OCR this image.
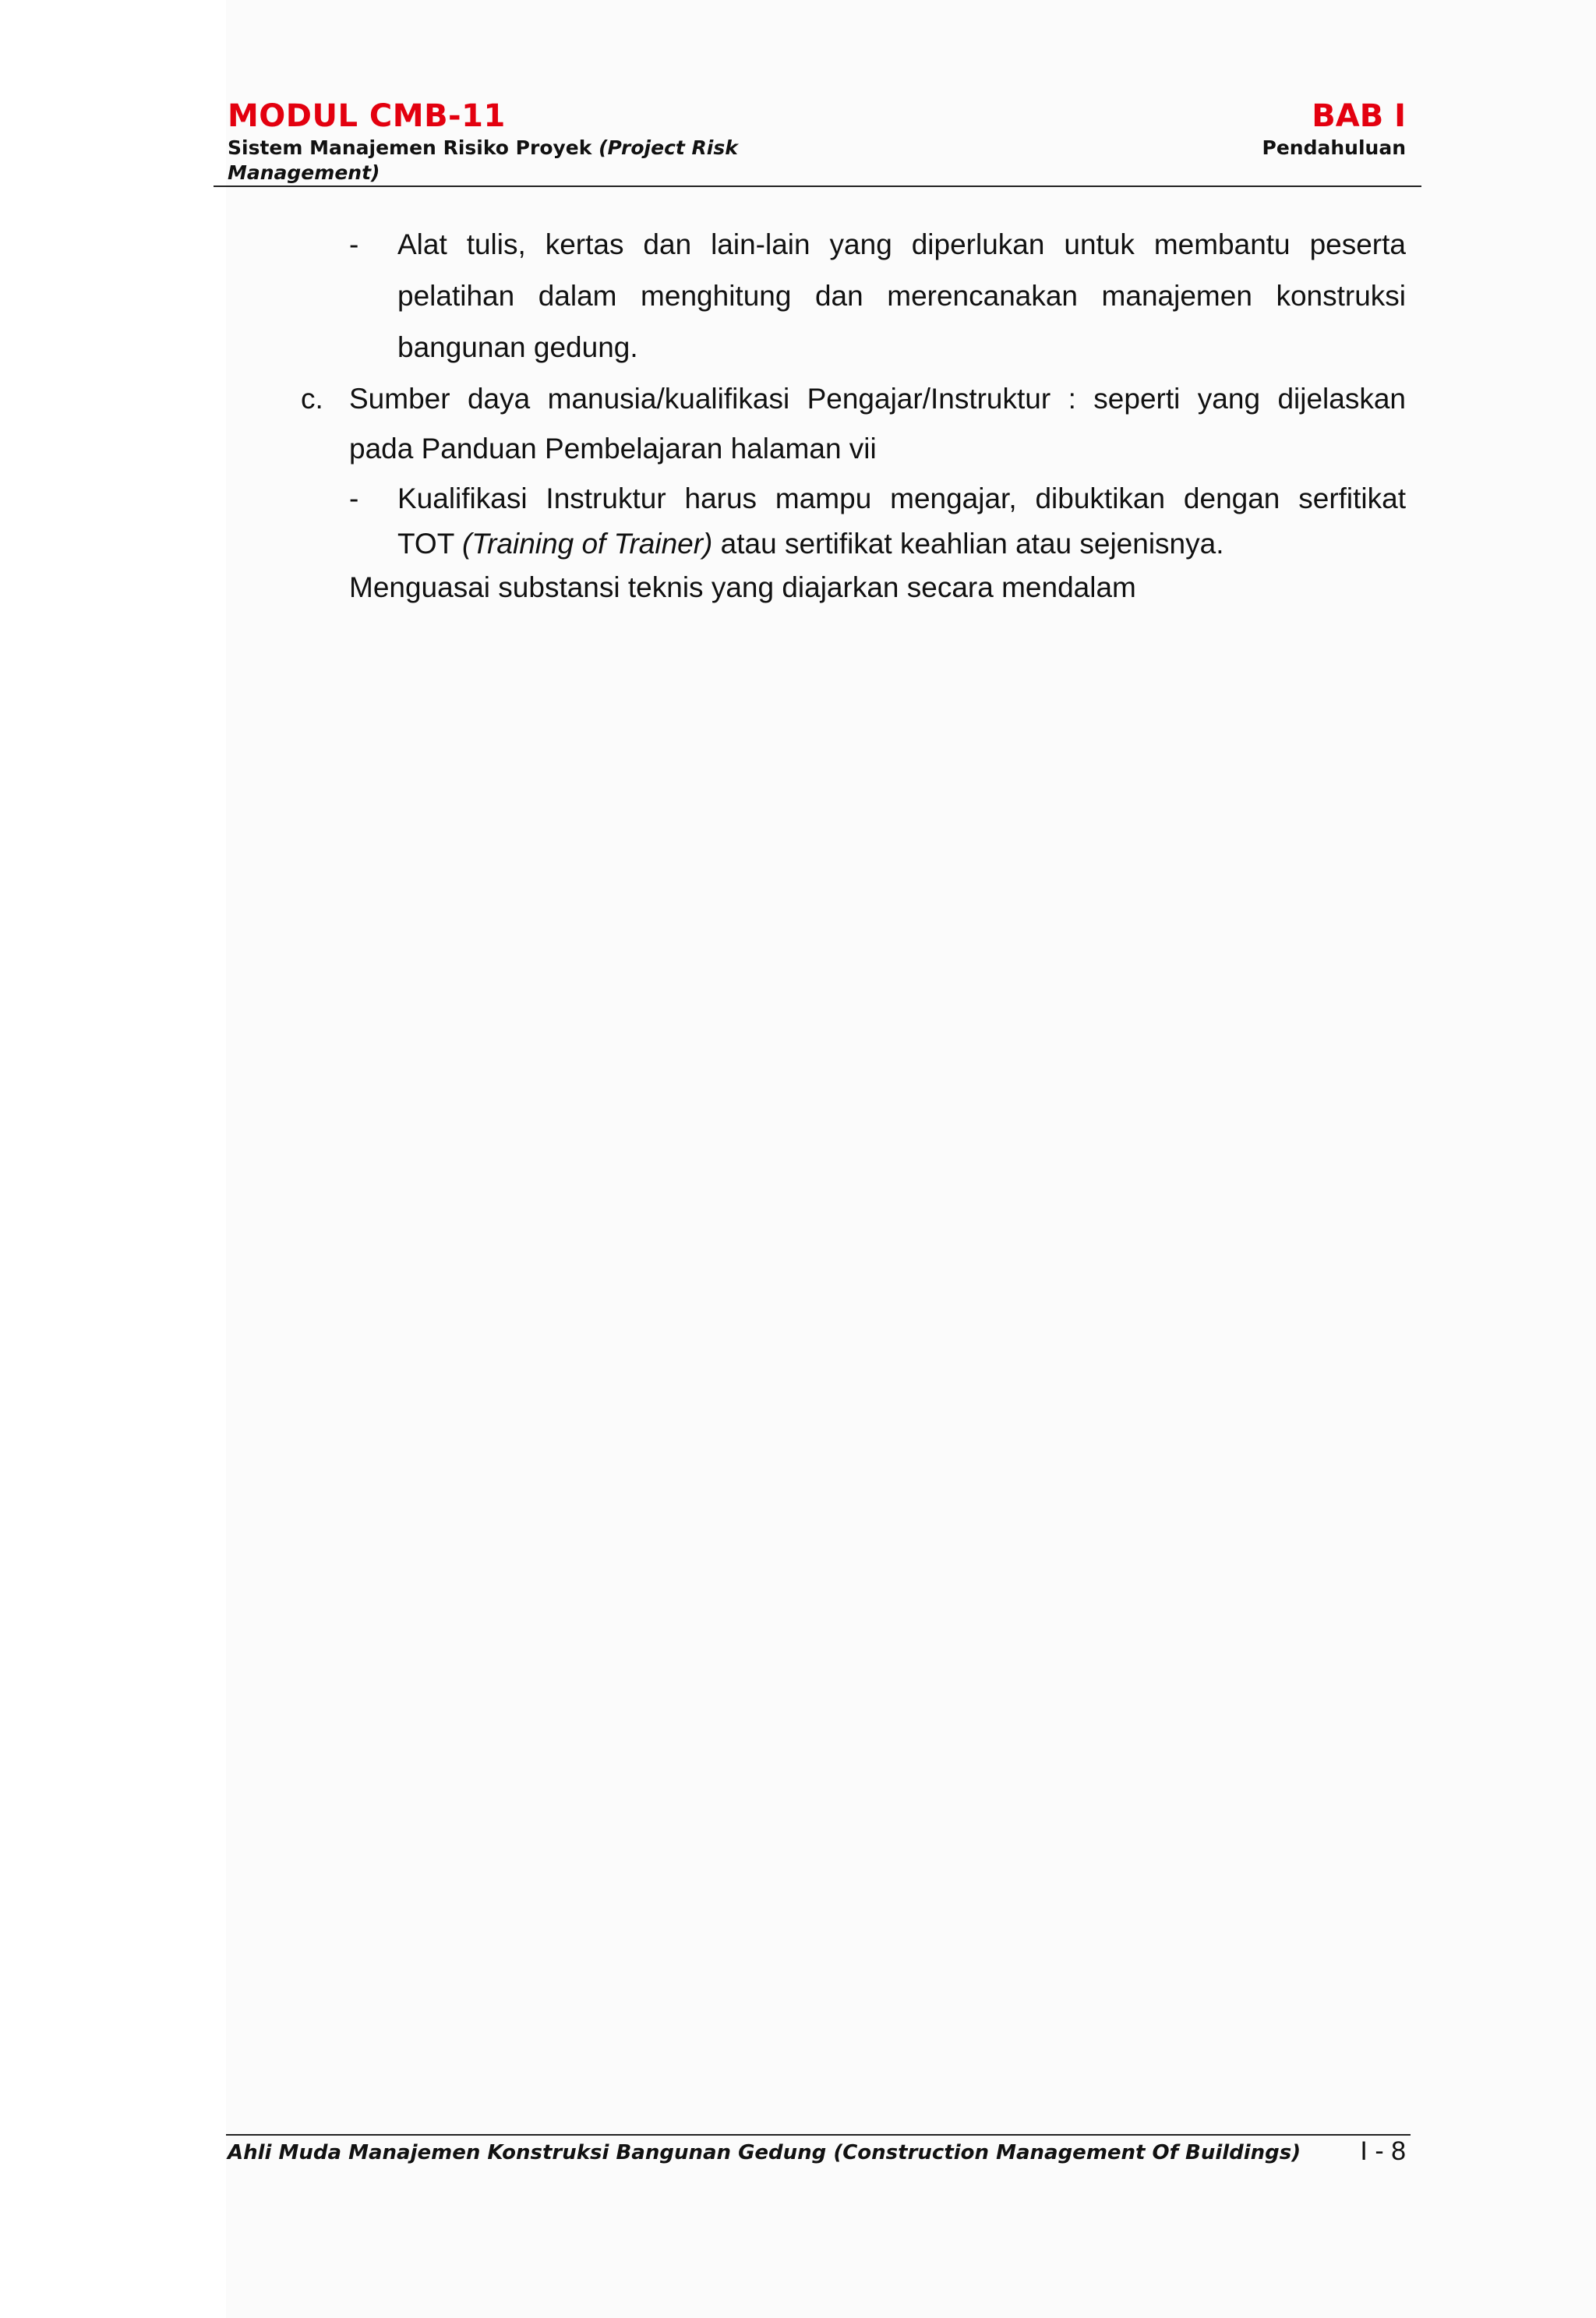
MODUL CMB-11
Sistem Manajemen Risiko Proyek (Project Risk Management)
BAB I
Pendahuluan
- Alat tulis, kertas dan lain-lain yang diperlukan untuk membantu peserta
pelatihan dalam menghitung dan merencanakan manajemen konstruksi
bangunan gedung.
c. Sumber daya manusia/kualifikasi Pengajar/Instruktur : seperti yang dijelaskan
pada Panduan Pembelajaran halaman vii
- Kualifikasi Instruktur harus mampu mengajar, dibuktikan dengan serfitikat
TOT (Training of Trainer) atau sertifikat keahlian atau sejenisnya.
Menguasai substansi teknis yang diajarkan secara mendalam
Ahli Muda Manajemen Konstruksi Bangunan Gedung (Construction Management Of Buildings) I - 8
